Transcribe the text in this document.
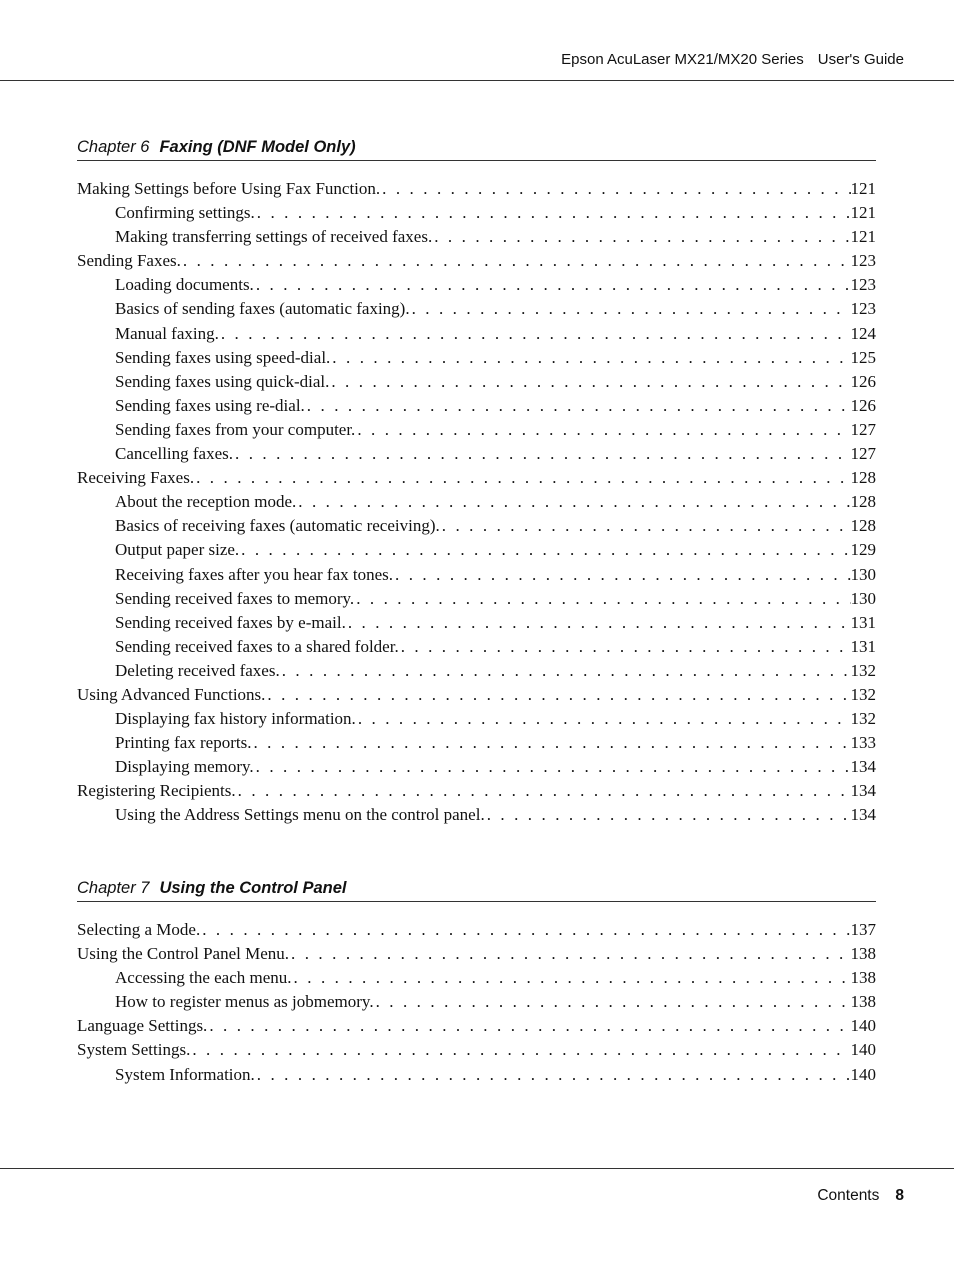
Epson AcuLaser MX21/MX20 Series User's Guide
Chapter 6 Faxing (DNF Model Only)
Making Settings before Using Fax Function. . . .	121
Confirming settings. . . .	121
Making transferring settings of received faxes. . . .	121
Sending Faxes. . . .	123
Loading documents. . . .	123
Basics of sending faxes (automatic faxing). . . .	123
Manual faxing. . . .	124
Sending faxes using speed-dial. . . .	125
Sending faxes using quick-dial. . . .	126
Sending faxes using re-dial. . . .	126
Sending faxes from your computer. . . .	127
Cancelling faxes. . . .	127
Receiving Faxes. . . .	128
About the reception mode. . . .	128
Basics of receiving faxes (automatic receiving). . . .	128
Output paper size. . . .	129
Receiving faxes after you hear fax tones. . . .	130
Sending received faxes to memory. . . .	130
Sending received faxes by e-mail. . . .	131
Sending received faxes to a shared folder. . . .	131
Deleting received faxes. . . .	132
Using Advanced Functions. . . .	132
Displaying fax history information. . . .	132
Printing fax reports. . . .	133
Displaying memory. . . .	134
Registering Recipients. . . .	134
Using the Address Settings menu on the control panel. . . .	134
Chapter 7 Using the Control Panel
Selecting a Mode. . . .	137
Using the Control Panel Menu. . . .	138
Accessing the each menu. . . .	138
How to register menus as jobmemory. . . .	138
Language Settings. . . .	140
System Settings. . . .	140
System Information. . . .	140
Contents 8
